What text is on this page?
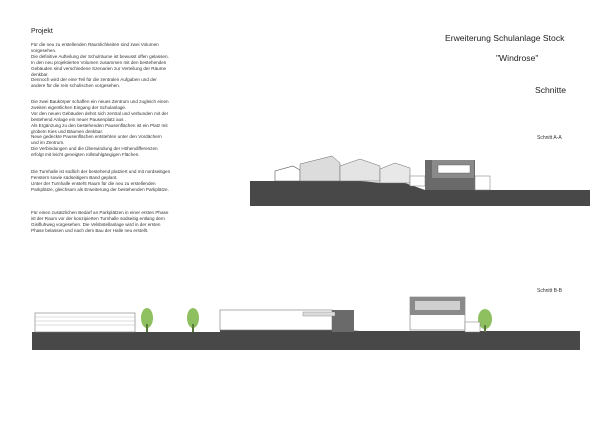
Projekt
Für die neu zu erstellenden Räumlichkeiten sind zwei Volumen
vorgesehen.
Die definitive Aufteilung der Schulräume ist bewusst offen gelassen.
In den neu projektierten Volumen zusammen mit den bestehenden
Gebäuden sind verschiedene Szenarien zur Verteilung der Räume
denkbar.
Dennoch wird der eine Teil für die zentralen Aufgaben und der
andere für die rein schulischen vorgesehen.
Die zwei Baukörper schaffen ein neues Zentrum und zugleich einen
zweiten eigentlichen Eingang der Schulanlage.
Vor den neuen Gebäuden dehnt sich zentral und verbunden mit der
bestehend Anlage ein neuer Pausenplatz aus .
Als Ergänzung zu den bestehenden Pausenflächen ist ein Platz mit
grobem Kies und Bäumen denkbar.
Neue gedeckte Pausenflächen entstehten unter den Vordächern
und im Zentrum.
Die Verbindungen und die Überwindung der Höhendifferenzen
erfolgt mit leicht geneigten rollstuhlgängigen Flächen.
Die Turnhalle ist südlich der bestehend platziert und mit nordseitigen
Fenstern sowie südseitigem Band geplant.
Unter der Turnhalle ensteht Raum für die neu zu erstellenden
Parkplätze, gleichsam als Erweiterung der bestehenden Parkplätze.
Für einen zusätzlichen Bedarf an Parkplätzen in einer ersten Phase
ist der Raum vor der konzipierten Turnhalle südseitig entlang dem
Gisifluhweg vorgesehen. Die Velsbstellanlage wird in der ersten
Phase belassen und nach dem Bau der Halle neu erstellt.
Erweiterung Schulanlage Stock
"Windrose"
Schnitte
Schnitt A-A
Schnitt B-B
